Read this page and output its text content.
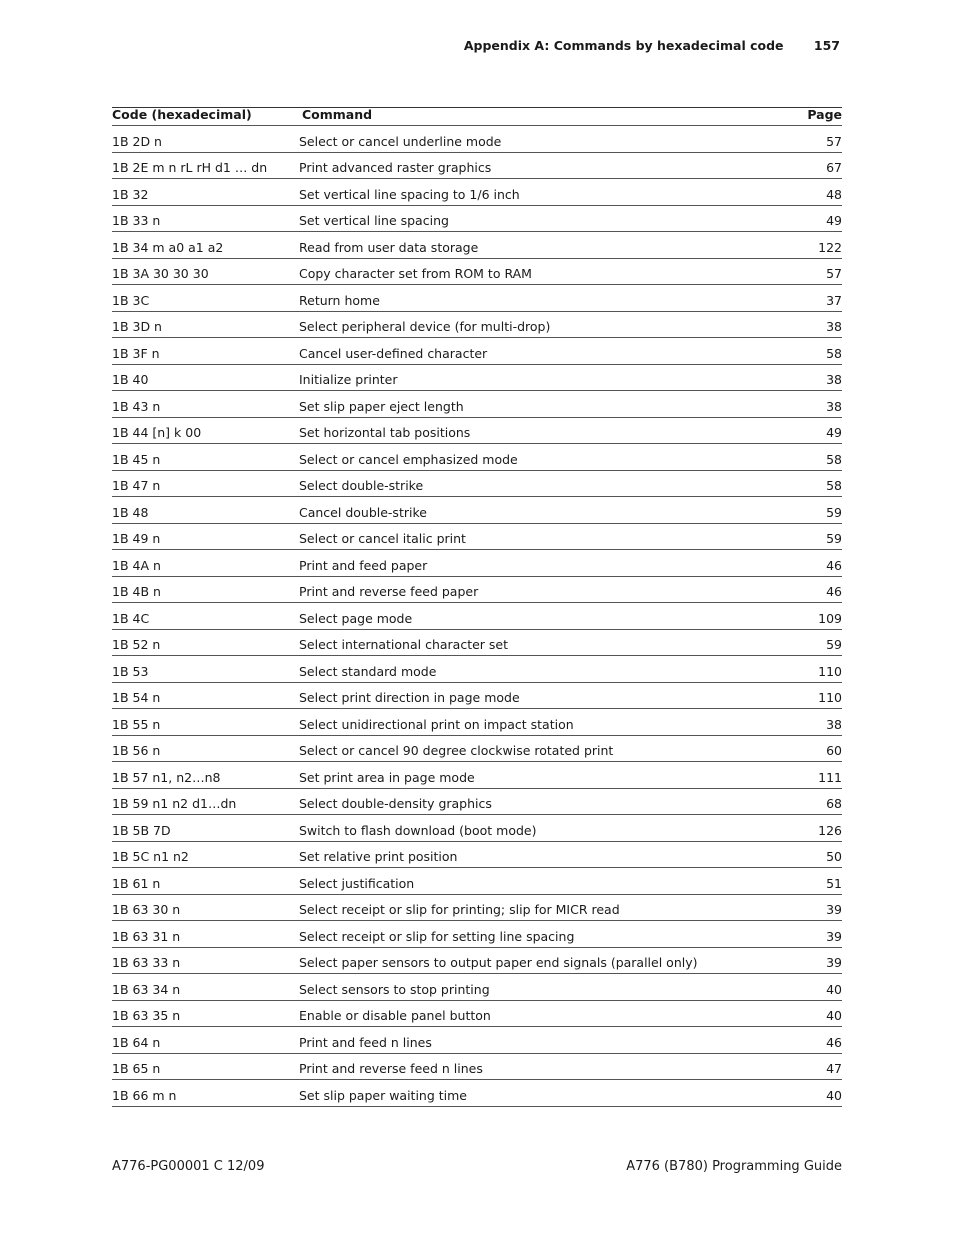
Appendix A: Commands by hexadecimal code 157
Code (hexadecimal)	Command	Page
1B 2D n	Select or cancel underline mode	57
1B 2E m n rL rH d1 … dn	Print advanced raster graphics	67
1B 32	Set vertical line spacing to 1/6 inch	48
1B 33 n	Set vertical line spacing	49
1B 34 m a0 a1 a2	Read from user data storage	122
1B 3A 30 30 30	Copy character set from ROM to RAM	57
1B 3C	Return home	37
1B 3D n	Select peripheral device (for multi-drop)	38
1B 3F n	Cancel user-defined character	58
1B 40	Initialize printer	38
1B 43 n	Set slip paper eject length	38
1B 44 [n] k 00	Set horizontal tab positions	49
1B 45 n	Select or cancel emphasized mode	58
1B 47 n	Select double-strike	58
1B 48	Cancel double-strike	59
1B 49 n	Select or cancel italic print	59
1B 4A n	Print and feed paper	46
1B 4B n	Print and reverse feed paper	46
1B 4C	Select page mode	109
1B 52 n	Select international character set	59
1B 53	Select standard mode	110
1B 54 n	Select print direction in page mode	110
1B 55 n	Select unidirectional print on impact station	38
1B 56 n	Select or cancel 90 degree clockwise rotated print	60
1B 57 n1, n2…n8	Set print area in page mode	111
1B 59 n1 n2 d1…dn	Select double-density graphics	68
1B 5B 7D	Switch to flash download (boot mode)	126
1B 5C n1 n2	Set relative print position	50
1B 61 n	Select justification	51
1B 63 30 n	Select receipt or slip for printing; slip for MICR read	39
1B 63 31 n	Select receipt or slip for setting line spacing	39
1B 63 33 n	Select paper sensors to output paper end signals (parallel only)	39
1B 63 34 n	Select sensors to stop printing	40
1B 63 35 n	Enable or disable panel button	40
1B 64 n	Print and feed n lines	46
1B 65 n	Print and reverse feed n lines	47
1B 66 m n	Set slip paper waiting time	40
A776-PG00001 C 12/09	A776 (B780) Programming Guide
